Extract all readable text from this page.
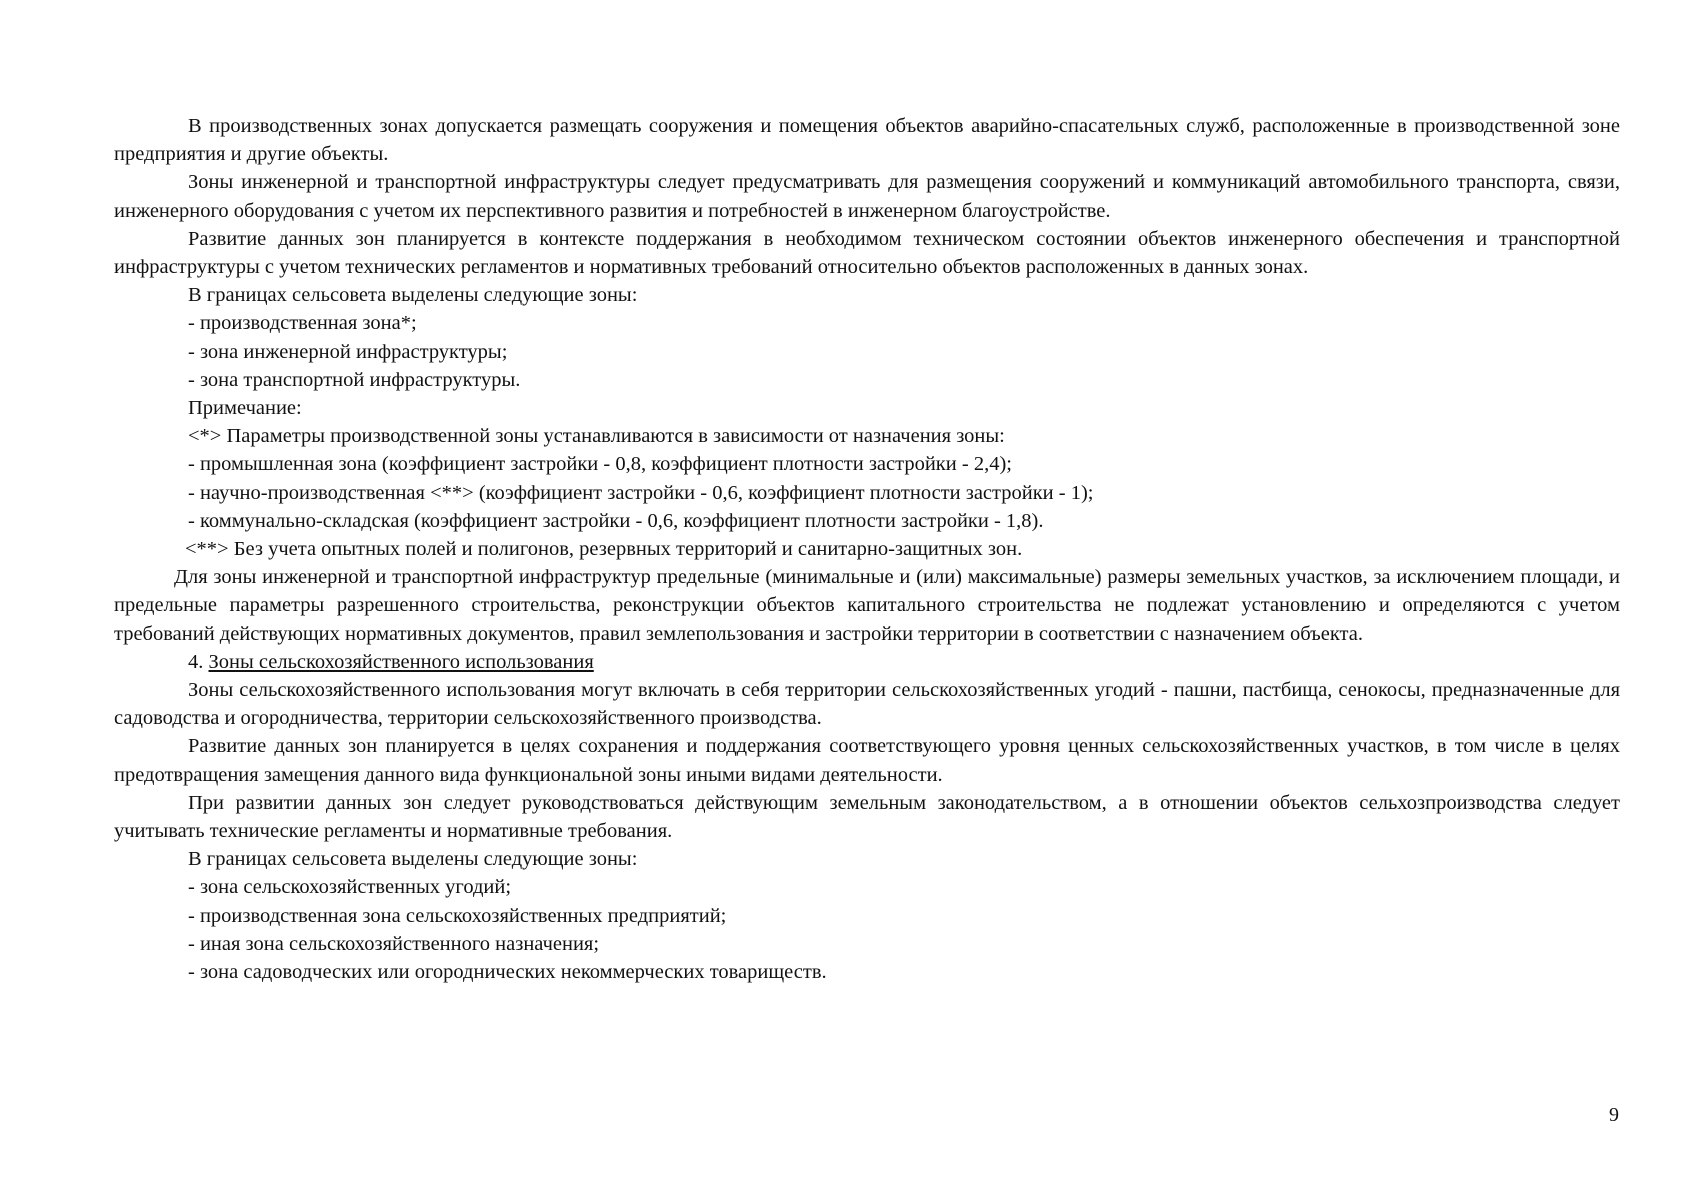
В производственных зонах допускается размещать сооружения и помещения объектов аварийно-спасательных служб, расположенные в производственной зоне предприятия и другие объекты.

Зоны инженерной и транспортной инфраструктуры следует предусматривать для размещения сооружений и коммуникаций автомобильного транспорта, связи, инженерного оборудования с учетом их перспективного развития и потребностей в инженерном благоустройстве.

Развитие данных зон планируется в контексте поддержания в необходимом техническом состоянии объектов инженерного обеспечения и транспортной инфраструктуры с учетом технических регламентов и нормативных требований относительно объектов расположенных в данных зонах.

В границах сельсовета выделены следующие зоны:

- производственная зона*;

- зона инженерной инфраструктуры;

- зона транспортной инфраструктуры.

Примечание:

<*> Параметры производственной зоны устанавливаются в зависимости от назначения зоны:

- промышленная зона (коэффициент застройки - 0,8, коэффициент плотности застройки - 2,4);

- научно-производственная <**> (коэффициент застройки - 0,6, коэффициент плотности застройки - 1);

- коммунально-складская (коэффициент застройки - 0,6, коэффициент плотности застройки - 1,8).

<**> Без учета опытных полей и полигонов, резервных территорий и санитарно-защитных зон.

Для зоны инженерной и транспортной инфраструктур предельные (минимальные и (или) максимальные) размеры земельных участков, за исключением площади, и предельные параметры разрешенного строительства, реконструкции объектов капитального строительства не подлежат установлению и определяются с учетом требований действующих нормативных документов, правил землепользования и застройки территории в соответствии с назначением объекта.

4. Зоны сельскохозяйственного использования

Зоны сельскохозяйственного использования могут включать в себя территории сельскохозяйственных угодий - пашни, пастбища, сенокосы, предназначенные для садоводства и огородничества, территории сельскохозяйственного производства.

Развитие данных зон планируется в целях сохранения и поддержания соответствующего уровня ценных сельскохозяйственных участков, в том числе в целях предотвращения замещения данного вида функциональной зоны иными видами деятельности.

При развитии данных зон следует руководствоваться действующим земельным законодательством, а в отношении объектов сельхозпроизводства следует учитывать технические регламенты и нормативные требования.

В границах сельсовета выделены следующие зоны:

- зона сельскохозяйственных угодий;

- производственная зона сельскохозяйственных предприятий;

- иная зона сельскохозяйственного назначения;

- зона садоводческих или огороднических некоммерческих товариществ.

9
